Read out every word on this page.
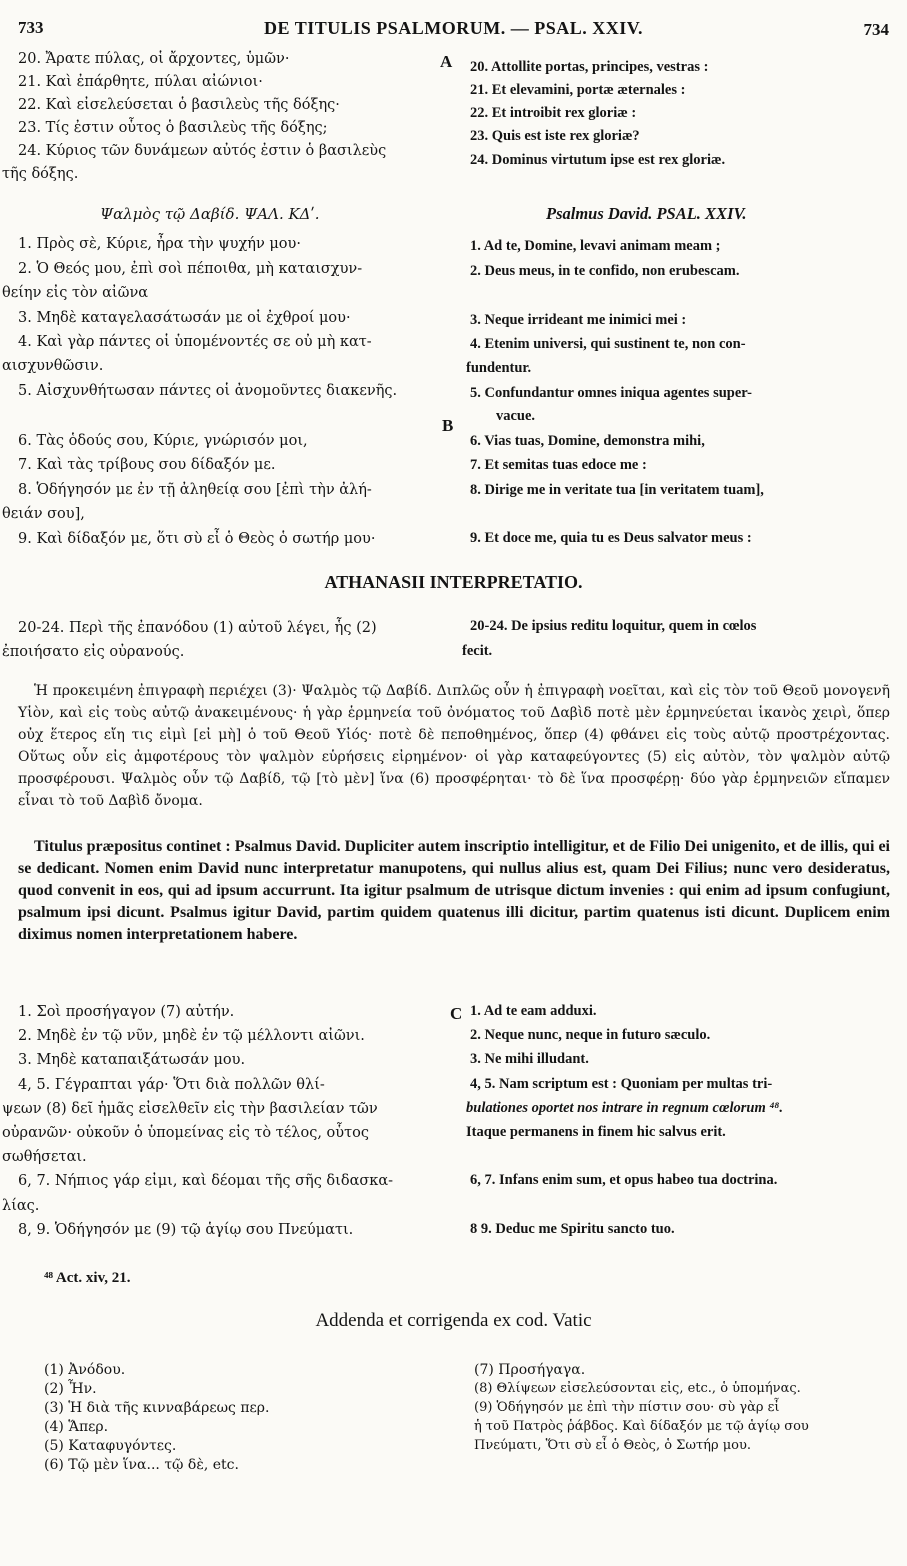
733	DE TITULIS PSALMORUM. — PSAL. XXIV.	734
20. Ἄρατε πύλας, οἱ ἄρχοντες, ὑμῶν·
21. Καὶ ἐπάρθητε, πύλαι αἰώνιοι·
22. Καὶ εἰσελεύσεται ὁ βασιλεὺς τῆς δόξης·
23. Τίς ἐστιν οὗτος ὁ βασιλεὺς τῆς δόξης;
24. Κύριος τῶν δυνάμεων αὐτός ἐστιν ὁ βασιλεὺς
τῆς δόξης.
A 20. Attollite portas, principes, vestras :
21. Et elevamini, portæ æternales :
22. Et introibit rex gloriæ :
23. Quis est iste rex gloriæ?
24. Dominus virtutum ipse est rex gloriæ.
Ψαλμὸς τῷ Δαβίδ. ΨΑΛ. ΚΔʹ.	Psalmus David. PSAL. XXIV.
1. Πρὸς σὲ, Κύριε, ἦρα τὴν ψυχήν μου·
2. Ὁ Θεός μου, ἐπὶ σοὶ πέποιθα, μὴ καταισχυν-
θείην εἰς τὸν αἰῶνα
3. Μηδὲ καταγελασάτωσάν με οἱ ἐχθροί μου·
4. Καὶ γὰρ πάντες οἱ ὑπομένοντές σε οὐ μὴ κατ-
αισχυνθῶσιν.
5. Αἰσχυνθήτωσαν πάντες οἱ ἀνομοῦντες διακενῆς.
6. Τὰς ὁδούς σου, Κύριε, γνώρισόν μοι,
7. Καὶ τὰς τρίβους σου δίδαξόν με.
8. Ὁδήγησόν με ἐν τῇ ἀληθείᾳ σου [ἐπὶ τὴν ἀλή-
θειάν σου],
9. Καὶ δίδαξόν με, ὅτι σὺ εἶ ὁ Θεὸς ὁ σωτήρ μου·
B
1. Ad te, Domine, levavi animam meam ;
2. Deus meus, in te confido, non erubescam.
3. Neque irrideant me inimici mei :
4. Etenim universi, qui sustinent te, non con-
fundentur.
5. Confundantur omnes iniqua agentes super-
vacue.
6. Vias tuas, Domine, demonstra mihi,
7. Et semitas tuas edoce me :
8. Dirige me in veritate tua [in veritatem tuam],
9. Et doce me, quia tu es Deus salvator meus :
ATHANASII INTERPRETATIO.
20-24. Περὶ τῆς ἐπανόδου (1) αὐτοῦ λέγει, ἧς (2)
ἐποιήσατο εἰς οὐρανούς.
20-24. De ipsius reditu loquitur, quem in cœlos
fecit.

Ἡ προκειμένη ἐπιγραφὴ περιέχει (3)· Ψαλμὸς τῷ Δαβίδ. Διπλῶς οὖν ἡ ἐπιγραφὴ νοεῖται, καὶ εἰς τὸν τοῦ Θεοῦ μονογενῆ Υἱὸν, καὶ εἰς τοὺς αὐτῷ ἀνακειμένους· ἡ γὰρ ἑρμηνεία τοῦ ὀνόματος τοῦ Δαβὶδ ποτὲ μὲν ἑρμηνεύεται ἱκανὸς χειρὶ, ὅπερ οὐχ ἕτερος εἴη τις εἰμὶ [εἰ μὴ] ὁ τοῦ Θεοῦ Υἱός· ποτὲ δὲ πεποθημένος, ὅπερ (4) φθάνει εἰς τοὺς αὐτῷ προστρέχοντας. Οὕτως οὖν εἰς ἀμφοτέρους τὸν ψαλμὸν εὑρήσεις εἰρημένον· οἱ γὰρ καταφεύγοντες (5) εἰς αὐτὸν, τὸν ψαλμὸν αὐτῷ προσφέρουσι. Ψαλμὸς οὖν τῷ Δαβίδ, τῷ [τὸ μὲν] ἵνα (6) προσφέρηται· τὸ δὲ ἵνα προσφέρῃ· δύο γὰρ ἑρμηνειῶν εἴπαμεν εἶναι τὸ τοῦ Δαβὶδ ὄνομα.

Titulus præpositus continet : Psalmus David. Dupliciter autem inscriptio intelligitur, et de Filio Dei unigenito, et de illis, qui ei se dedicant. Nomen enim David nunc interpretatur manupotens, qui nullus alius est, quam Dei Filius; nunc vero desideratus, quod convenit in eos, qui ad ipsum accurrunt. Ita igitur psalmum de utrisque dictum invenies : qui enim ad ipsum confugiunt, psalmum ipsi dicunt. Psalmus igitur David, partim quidem quatenus illi dicitur, partim quatenus isti dicunt. Duplicem enim diximus nomen interpretationem habere.

1. Σοὶ προσήγαγον (7) αὐτήν.
2. Μηδὲ ἐν τῷ νῦν, μηδὲ ἐν τῷ μέλλοντι αἰῶνι.
3. Μηδὲ καταπαιξάτωσάν μου.
4, 5. Γέγραπται γάρ· Ὅτι διὰ πολλῶν θλί-
ψεων (8) δεῖ ἡμᾶς εἰσελθεῖν εἰς τὴν βασιλείαν τῶν
οὐρανῶν· οὐκοῦν ὁ ὑπομείνας εἰς τὸ τέλος, οὗτος
σωθήσεται.
6, 7. Νήπιος γάρ εἰμι, καὶ δέομαι τῆς σῆς διδασκα-
λίας.
8, 9. Ὁδήγησόν με (9) τῷ ἁγίῳ σου Πνεύματι.
C 1. Ad te eam adduxi.
2. Neque nunc, neque in futuro sæculo.
3. Ne mihi illudant.
4, 5. Nam scriptum est : Quoniam per multas tri-
bulationes oportet nos intrare in regnum cœlorum ⁴⁸.
Itaque permanens in finem hic salvus erit.
6, 7. Infans enim sum, et opus habeo tua doctrina.
8 9. Deduc me Spiritu sancto tuo.
⁴⁸ Act. xiv, 21.
Addenda et corrigenda ex cod. Vatic
(1) Ἀνόδου.
(2) Ἦν.
(3) Ἡ διὰ τῆς κινναβάρεως περ.
(4) Ἅπερ.
(5) Καταφυγόντες.
(6) Τῷ μὲν ἵνα... τῷ δὲ, etc.
(7) Προσήγαγα.
(8) Θλίψεων εἰσελεύσονται εἰς, etc., ὁ ὑπομήνας.
(9) Ὁδήγησόν με ἐπὶ τὴν πίστιν σου· σὺ γὰρ εἶ
ἡ τοῦ Πατρὸς ῥάβδος. Καὶ δίδαξόν με τῷ ἁγίῳ σου
Πνεύματι, Ὅτι σὺ εἶ ὁ Θεὸς, ὁ Σωτήρ μου.
